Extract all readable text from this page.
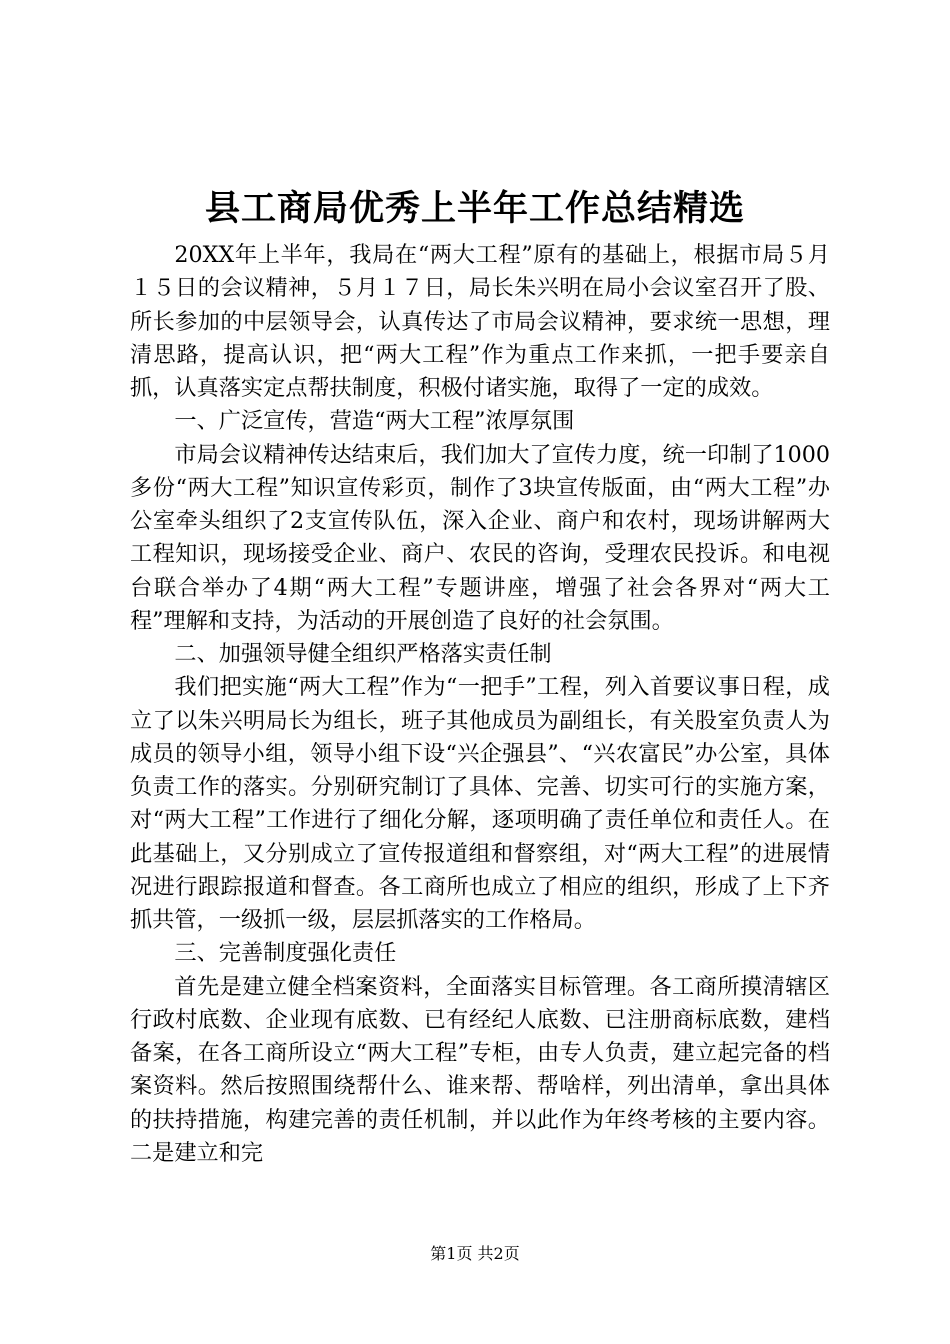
县工商局优秀上半年工作总结精选

20XX年上半年，我局在“两大工程”原有的基础上，根据市局５月１５日的会议精神，５月１７日，局长朱兴明在局小会议室召开了股、所长参加的中层领导会，认真传达了市局会议精神，要求统一思想，理清思路，提高认识，把“两大工程”作为重点工作来抓，一把手要亲自抓，认真落实定点帮扶制度，积极付诸实施，取得了一定的成效。

一、广泛宣传，营造“两大工程”浓厚氛围

市局会议精神传达结束后，我们加大了宣传力度，统一印制了1000多份“两大工程”知识宣传彩页，制作了3块宣传版面，由“两大工程”办公室牵头组织了2支宣传队伍，深入企业、商户和农村，现场讲解两大工程知识，现场接受企业、商户、农民的咨询，受理农民投诉。和电视台联合举办了4期“两大工程”专题讲座，增强了社会各界对“两大工程”理解和支持，为活动的开展创造了良好的社会氛围。

二、加强领导健全组织严格落实责任制

我们把实施“两大工程”作为“一把手”工程，列入首要议事日程，成立了以朱兴明局长为组长，班子其他成员为副组长，有关股室负责人为成员的领导小组，领导小组下设“兴企强县”、“兴农富民”办公室，具体负责工作的落实。分别研究制订了具体、完善、切实可行的实施方案，对“两大工程”工作进行了细化分解，逐项明确了责任单位和责任人。在此基础上，又分别成立了宣传报道组和督察组，对“两大工程”的进展情况进行跟踪报道和督查。各工商所也成立了相应的组织，形成了上下齐抓共管，一级抓一级，层层抓落实的工作格局。

三、完善制度强化责任

首先是建立健全档案资料，全面落实目标管理。各工商所摸清辖区行政村底数、企业现有底数、已有经纪人底数、已注册商标底数，建档备案，在各工商所设立“两大工程”专柜，由专人负责，建立起完备的档案资料。然后按照围绕帮什么、谁来帮、帮啥样，列出清单，拿出具体的扶持措施，构建完善的责任机制，并以此作为年终考核的主要内容。二是建立和完

第1页 共2页
